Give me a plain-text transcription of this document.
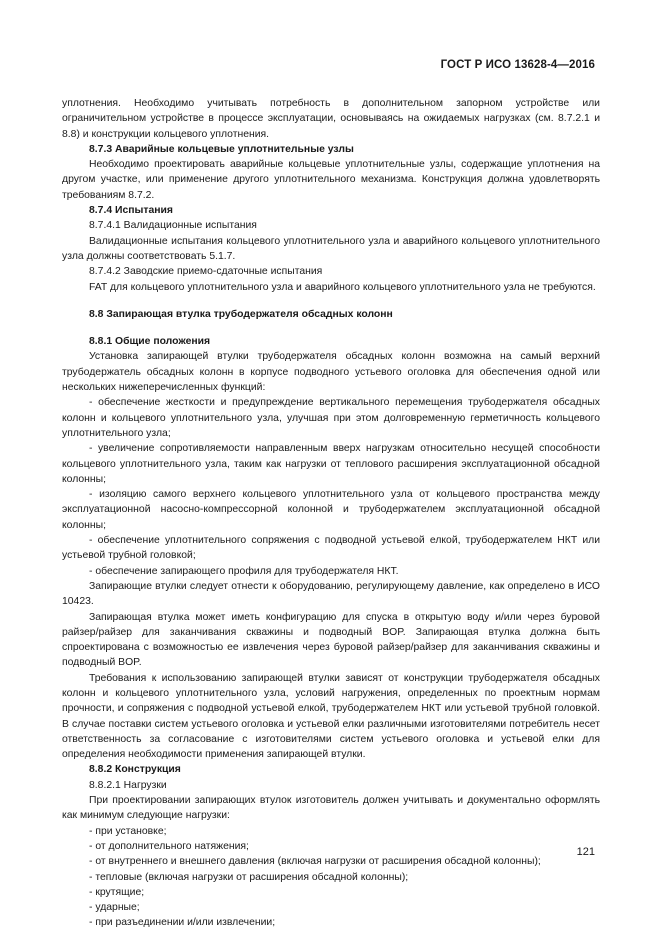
ГОСТ Р ИСО 13628-4—2016

уплотнения. Необходимо учитывать потребность в дополнительном запорном устройстве или ограничительном устройстве в процессе эксплуатации, основываясь на ожидаемых нагрузках (см. 8.7.2.1 и 8.8) и конструкции кольцевого уплотнения.

8.7.3 Аварийные кольцевые уплотнительные узлы

Необходимо проектировать аварийные кольцевые уплотнительные узлы, содержащие уплотнения на другом участке, или применение другого уплотнительного механизма. Конструкция должна удовлетворять требованиям 8.7.2.

8.7.4 Испытания

8.7.4.1 Валидационные испытания

Валидационные испытания кольцевого уплотнительного узла и аварийного кольцевого уплотнительного узла должны соответствовать 5.1.7.

8.7.4.2 Заводские приемо-сдаточные испытания

FAT для кольцевого уплотнительного узла и аварийного кольцевого уплотнительного узла не требуются.

8.8 Запирающая втулка трубодержателя обсадных колонн

8.8.1 Общие положения

Установка запирающей втулки трубодержателя обсадных колонн возможна на самый верхний трубодержатель обсадных колонн в корпусе подводного устьевого оголовка для обеспечения одной или нескольких нижеперечисленных функций:

- обеспечение жесткости и предупреждение вертикального перемещения трубодержателя обсадных колонн и кольцевого уплотнительного узла, улучшая при этом долговременную герметичность кольцевого уплотнительного узла;

- увеличение сопротивляемости направленным вверх нагрузкам относительно несущей способности кольцевого уплотнительного узла, таким как нагрузки от теплового расширения эксплуатационной обсадной колонны;

- изоляцию самого верхнего кольцевого уплотнительного узла от кольцевого пространства между эксплуатационной насосно-компрессорной колонной и трубодержателем эксплуатационной обсадной колонны;

- обеспечение уплотнительного сопряжения с подводной устьевой елкой, трубодержателем НКТ или устьевой трубной головкой;

- обеспечение запирающего профиля для трубодержателя НКТ.

Запирающие втулки следует отнести к оборудованию, регулирующему давление, как определено в ИСО 10423.

Запирающая втулка может иметь конфигурацию для спуска в открытую воду и/или через буровой райзер/райзер для заканчивания скважины и подводный BOP. Запирающая втулка должна быть спроектирована с возможностью ее извлечения через буровой райзер/райзер для заканчивания скважины и подводный BOP.

Требования к использованию запирающей втулки зависят от конструкции трубодержателя обсадных колонн и кольцевого уплотнительного узла, условий нагружения, определенных по проектным нормам прочности, и сопряжения с подводной устьевой елкой, трубодержателем НКТ или устьевой трубной головкой. В случае поставки систем устьевого оголовка и устьевой елки различными изготовителями потребитель несет ответственность за согласование с изготовителями систем устьевого оголовка и устьевой елки для определения необходимости применения запирающей втулки.

8.8.2 Конструкция

8.8.2.1 Нагрузки

При проектировании запирающих втулок изготовитель должен учитывать и документально оформлять как минимум следующие нагрузки:

- при установке;

- от дополнительного натяжения;

- от внутреннего и внешнего давления (включая нагрузки от расширения обсадной колонны);

- тепловые (включая нагрузки от расширения обсадной колонны);

- крутящие;

- ударные;

- при разъединении и/или извлечении;

121
